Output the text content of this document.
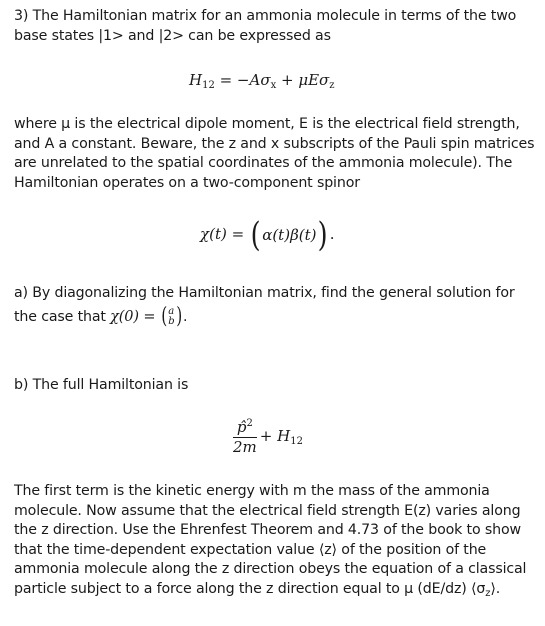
3) The Hamiltonian matrix for an ammonia molecule in terms of the two
base states |1> and |2> can be expressed as
$H_{12} = -A\sigma_x + \mu E\sigma_z$
where μ is the electrical dipole moment, E is the electrical field strength,
and A a constant. Beware, the z and x subscripts of the Pauli spin matrices
are unrelated to the spatial coordinates of the ammonia molecule). The
Hamiltonian operates on a two-component spinor
χ(t) = ( α(t)β(t)) .
a) By diagonalizing the Hamiltonian matrix, find the general solution for
the case that χ(0) = ( a
b ).
b) The full Hamiltonian is
$\frac{p̂^2}{2m} + H_{12}$
The first term is the kinetic energy with m the mass of the ammonia
molecule. Now assume that the electrical field strength E(z) varies along
the z direction. Use the Ehrenfest Theorem and 4.73 of the book to show
that the time-dependent expectation value ⟨z⟩ of the position of the
ammonia molecule along the z direction obeys the equation of a classical
particle subject to a force along the z direction equal to μ (dE/dz) $⟨\sigma_z⟩$.
